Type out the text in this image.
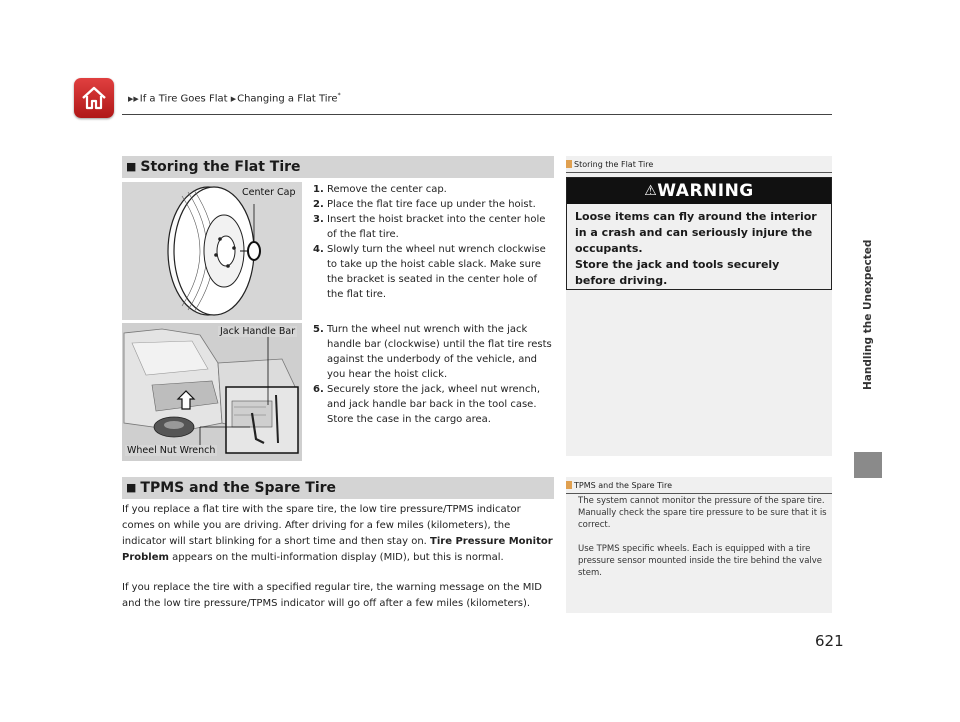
▶▶If a Tire Goes Flat ▶Changing a Flat Tire*
Handling the Unexpected
■ Storing the Flat Tire
Center Cap
Jack Handle Bar
Wheel Nut Wrench
1. Remove the center cap.
2. Place the flat tire face up under the hoist.
3. Insert the hoist bracket into the center hole of the flat tire.
4. Slowly turn the wheel nut wrench clockwise to take up the hoist cable slack. Make sure the bracket is seated in the center hole of the flat tire.
5. Turn the wheel nut wrench with the jack handle bar (clockwise) until the flat tire rests against the underbody of the vehicle, and you hear the hoist click.
6. Securely store the jack, wheel nut wrench, and jack handle bar back in the tool case. Store the case in the cargo area.
■ TPMS and the Spare Tire
If you replace a flat tire with the spare tire, the low tire pressure/TPMS indicator comes on while you are driving. After driving for a few miles (kilometers), the indicator will start blinking for a short time and then stay on. Tire Pressure Monitor Problem appears on the multi-information display (MID), but this is normal.
If you replace the tire with a specified regular tire, the warning message on the MID and the low tire pressure/TPMS indicator will go off after a few miles (kilometers).
Storing the Flat Tire
⚠WARNING
Loose items can fly around the interior in a crash and can seriously injure the occupants.
Store the jack and tools securely before driving.
TPMS and the Spare Tire
The system cannot monitor the pressure of the spare tire. Manually check the spare tire pressure to be sure that it is correct.
Use TPMS specific wheels. Each is equipped with a tire pressure sensor mounted inside the tire behind the valve stem.
621
